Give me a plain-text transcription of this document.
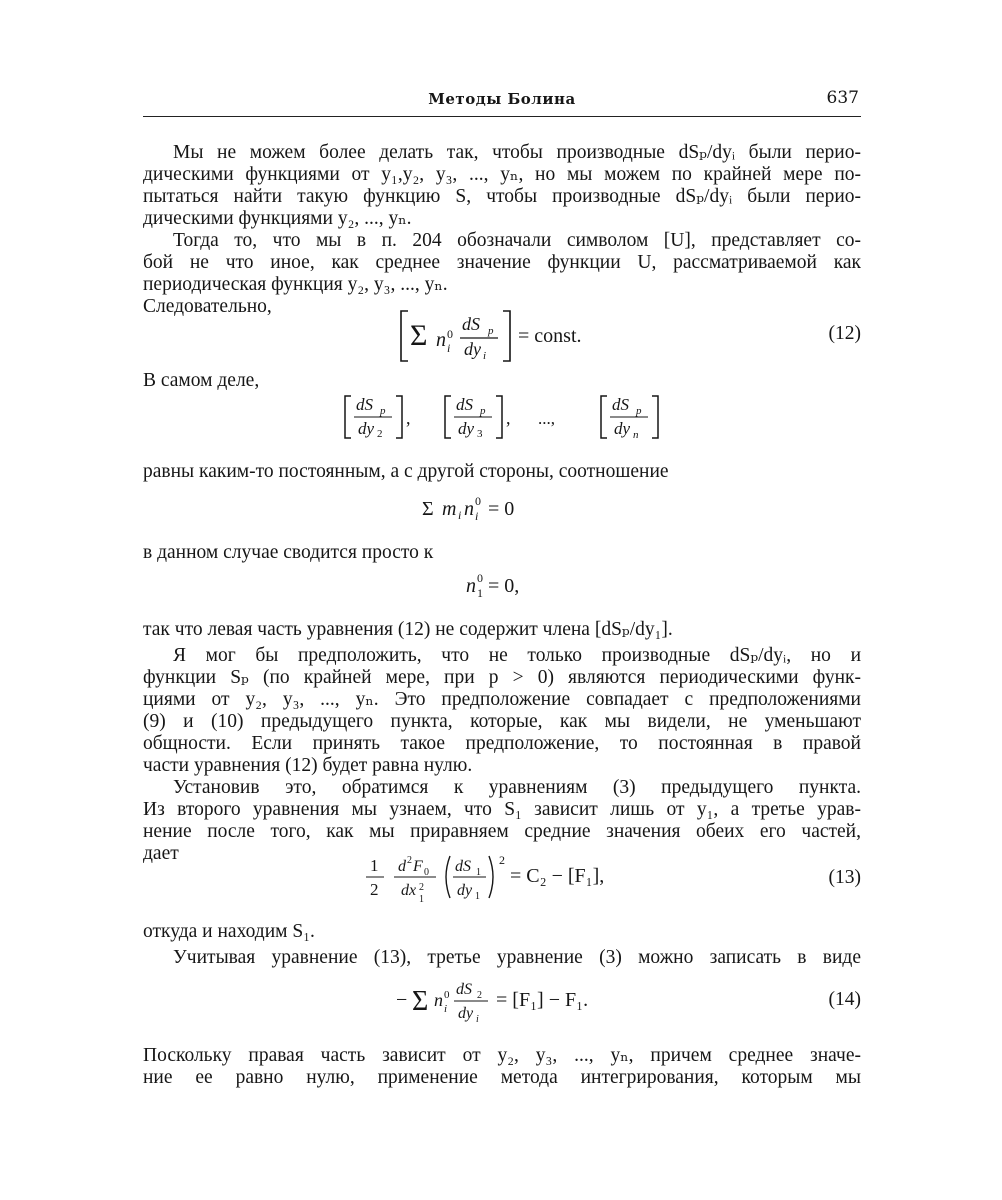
Методы Болина	637
Мы не можем более делать так, чтобы производные dSₚ/dyᵢ были перио-
дическими функциями от y₁,y₂, y₃, ..., yₙ, но мы можем по крайней мере по-
пытаться найти такую функцию S, чтобы производные dSₚ/dyᵢ были перио-
дическими функциями y₂, ..., yₙ.
Тогда то, что мы в п. 204 обозначали символом [U], представляет со-
бой не что иное, как среднее значение функции U, рассматриваемой как
периодическая функция y₂, y₃, ..., yₙ.
Следовательно,
Σ n 0
i
dS p
dy i
= const.	(12)
В самом деле,
dS p
dy 2
,
dS p
dy 3
, ...,
dS p
dy n
равны каким-то постоянным, а с другой стороны, соотношение
Σ m i n 0
i = 0
в данном случае сводится просто к
n 0
1 = 0,
так что левая часть уравнения (12) не содержит члена [dSₚ/dy₁].
Я мог бы предположить, что не только производные dSₚ/dyᵢ, но и
функции Sₚ (по крайней мере, при p > 0) являются периодическими функ-
циями от y₂, y₃, ..., yₙ. Это предположение совпадает с предположениями
(9) и (10) предыдущего пункта, которые, как мы видели, не уменьшают
общности. Если принять такое предположение, то постоянная в правой
части уравнения (12) будет равна нулю.
Установив это, обратимся к уравнениям (3) предыдущего пункта.
Из второго уравнения мы узнаем, что S₁ зависит лишь от y₁, а третье урав-
нение после того, как мы приравняем средние значения обеих его частей,
дает
1
2
d 2 F 0
dx 2
1
dS 1
dy 1
2
= C₂ − [F₁],	(13)
откуда и находим S₁.
Учитывая уравнение (13), третье уравнение (3) можно записать в виде
− Σ n 0
i
dS 2
dy i
= [F₁] − F₁.	(14)
Поскольку правая часть зависит от y₂, y₃, ..., yₙ, причем среднее значе-
ние ее равно нулю, применение метода интегрирования, которым мы
